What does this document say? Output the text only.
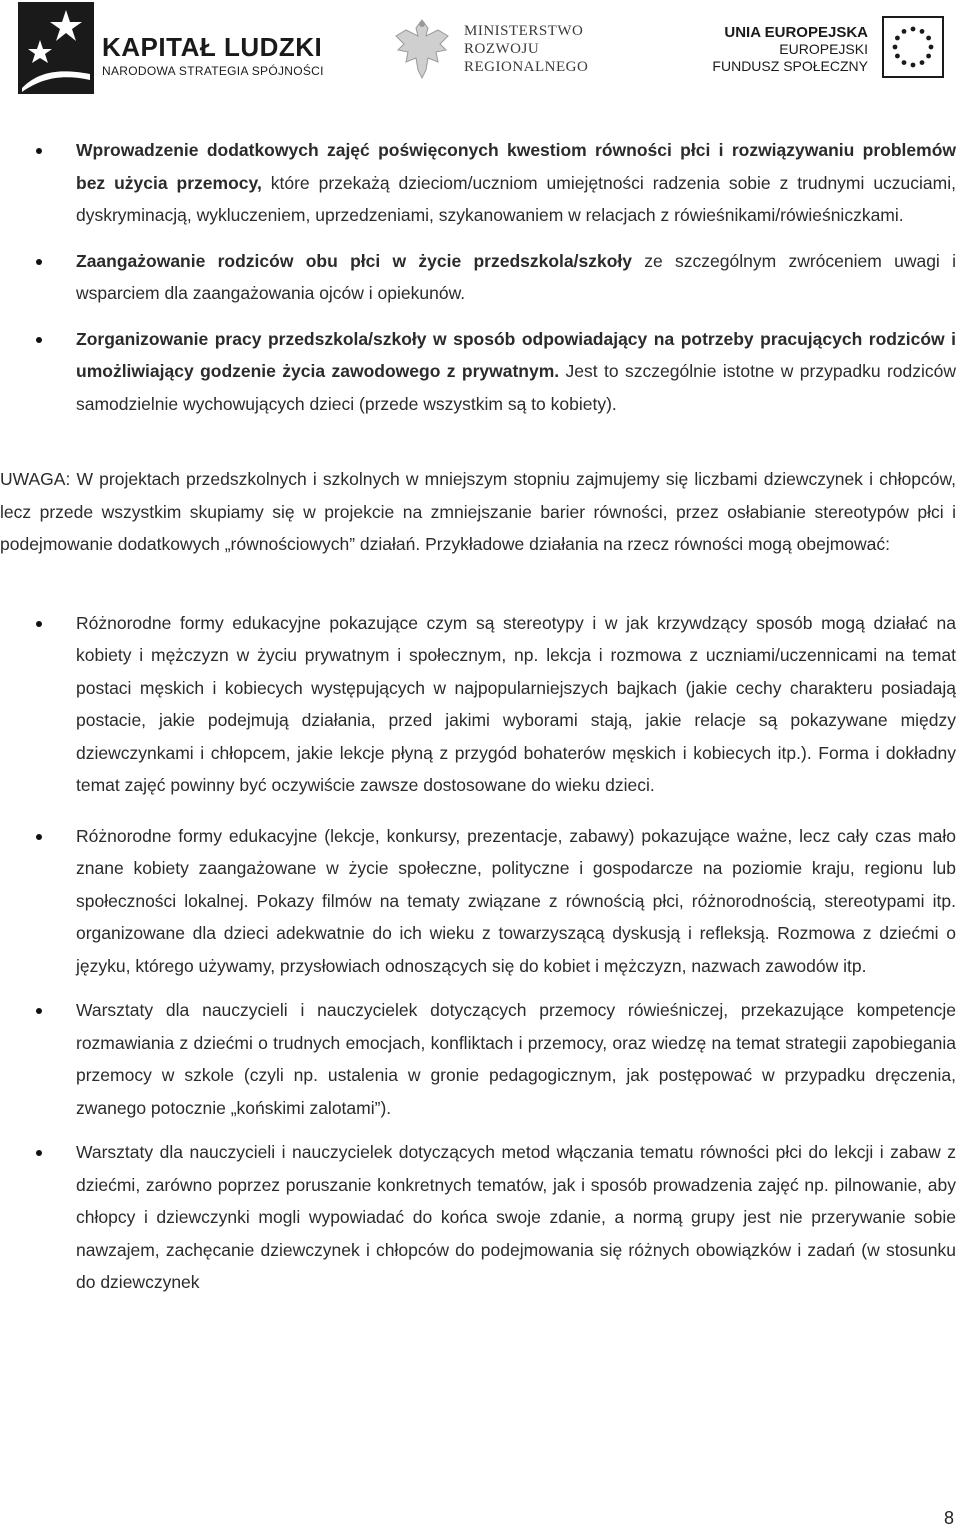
KAPITAŁ LUDZKI
NARODOWA STRATEGIA SPÓJNOŚCI
MINISTERSTWO
ROZWOJU
REGIONALNEGO
UNIA EUROPEJSKA
EUROPEJSKI
FUNDUSZ SPOŁECZNY
Wprowadzenie dodatkowych zajęć poświęconych kwestiom równości płci i rozwiązywaniu problemów bez użycia przemocy, które przekażą dzieciom/uczniom umiejętności radzenia sobie z trudnymi uczuciami, dyskryminacją, wykluczeniem, uprzedzeniami, szykanowaniem w relacjach z rówieśnikami/rówieśniczkami.
Zaangażowanie rodziców obu płci w życie przedszkola/szkoły ze szczególnym zwróceniem uwagi i wsparciem dla zaangażowania ojców i opiekunów.
Zorganizowanie pracy przedszkola/szkoły w sposób odpowiadający na potrzeby pracujących rodziców i umożliwiający godzenie życia zawodowego z prywatnym. Jest to szczególnie istotne w przypadku rodziców samodzielnie wychowujących dzieci (przede wszystkim są to kobiety).

UWAGA: W projektach przedszkolnych i szkolnych w mniejszym stopniu zajmujemy się liczbami dziewczynek i chłopców, lecz przede wszystkim skupiamy się w projekcie na zmniejszanie barier równości, przez osłabianie stereotypów płci i podejmowanie dodatkowych „równościowych” działań. Przykładowe działania na rzecz równości mogą obejmować:

Różnorodne formy edukacyjne pokazujące czym są stereotypy i w jak krzywdzący sposób mogą działać na kobiety i mężczyzn w życiu prywatnym i społecznym, np. lekcja i rozmowa z uczniami/uczennicami na temat postaci męskich i kobiecych występujących w najpopularniejszych bajkach (jakie cechy charakteru posiadają postacie, jakie podejmują działania, przed jakimi wyborami stają, jakie relacje są pokazywane między dziewczynkami i chłopcem, jakie lekcje płyną z przygód bohaterów męskich i kobiecych itp.). Forma i dokładny temat zajęć powinny być oczywiście zawsze dostosowane do wieku dzieci.
Różnorodne formy edukacyjne (lekcje, konkursy, prezentacje, zabawy) pokazujące ważne, lecz cały czas mało znane kobiety zaangażowane w życie społeczne, polityczne i gospodarcze na poziomie kraju, regionu lub społeczności lokalnej. Pokazy filmów na tematy związane z równością płci, różnorodnością, stereotypami itp. organizowane dla dzieci adekwatnie do ich wieku z towarzyszącą dyskusją i refleksją. Rozmowa z dziećmi o języku, którego używamy, przysłowiach odnoszących się do kobiet i mężczyzn, nazwach zawodów itp.
Warsztaty dla nauczycieli i nauczycielek dotyczących przemocy rówieśniczej, przekazujące kompetencje rozmawiania z dziećmi o trudnych emocjach, konfliktach i przemocy, oraz wiedzę na temat strategii zapobiegania przemocy w szkole (czyli np. ustalenia w gronie pedagogicznym, jak postępować w przypadku dręczenia, zwanego potocznie „końskimi zalotami”).
Warsztaty dla nauczycieli i nauczycielek dotyczących metod włączania tematu równości płci do lekcji i zabaw z dziećmi, zarówno poprzez poruszanie konkretnych tematów, jak i sposób prowadzenia zajęć np. pilnowanie, aby chłopcy i dziewczynki mogli wypowiadać do końca swoje zdanie, a normą grupy jest nie przerywanie sobie nawzajem, zachęcanie dziewczynek i chłopców do podejmowania się różnych obowiązków i zadań (w stosunku do dziewczynek
8
